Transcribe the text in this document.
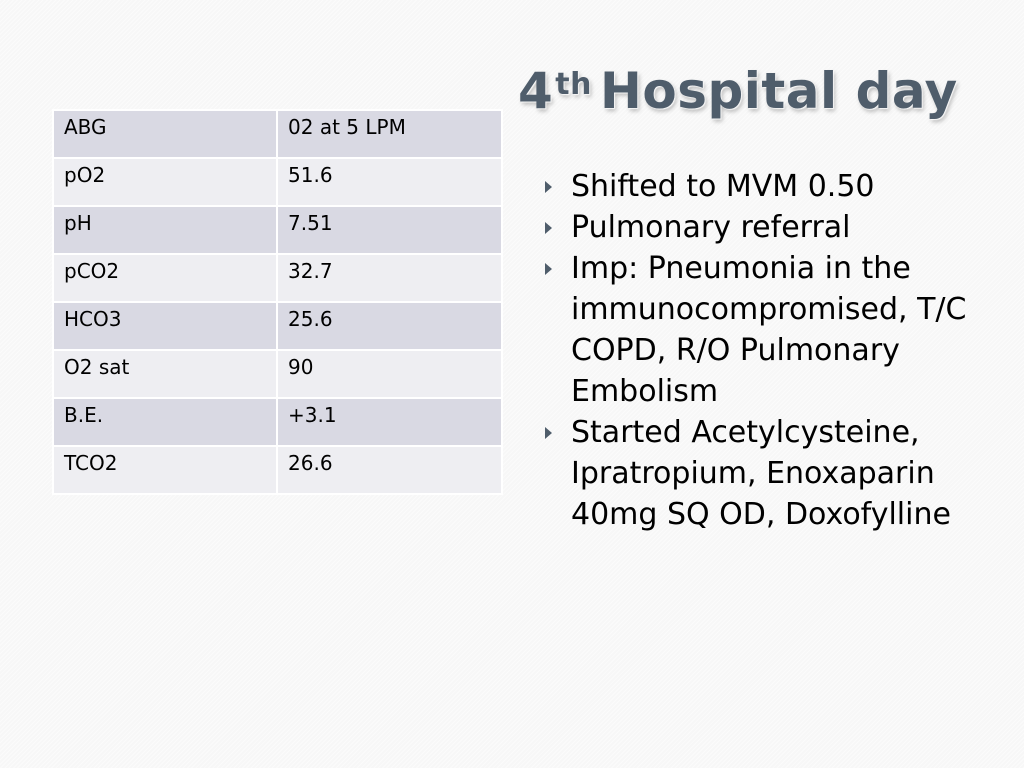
4th Hospital day
ABG	02 at 5 LPM
pO2	51.6
pH	7.51
pCO2	32.7
HCO3	25.6
O2 sat	90
B.E.	+3.1
TCO2	26.6
Shifted to MVM 0.50
Pulmonary referral
Imp: Pneumonia in the immunocompromised, T/C COPD, R/O Pulmonary Embolism
Started Acetylcysteine, Ipratropium, Enoxaparin 40mg SQ OD, Doxofylline
